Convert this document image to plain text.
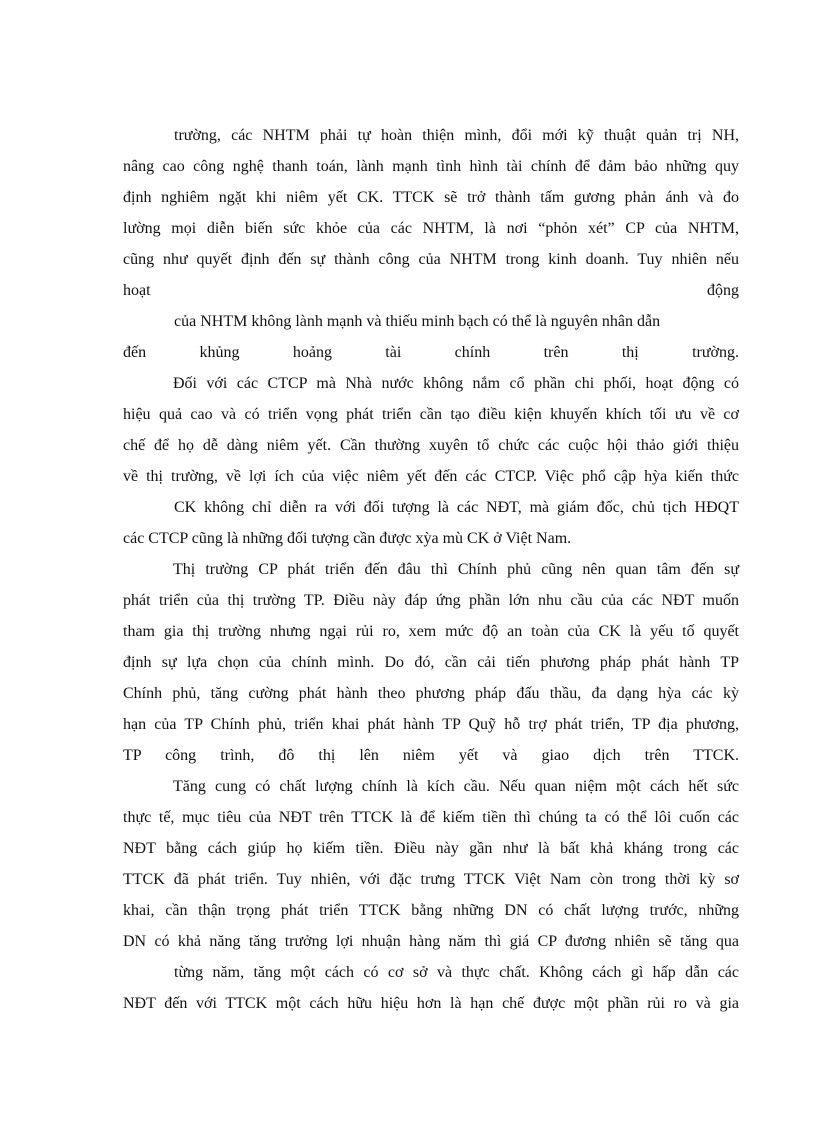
trường, các NHTM phải tự hoàn thiện mình, đổi mới kỹ thuật quản trị NH,
nâng cao công nghệ thanh toán, lành mạnh tình hình tài chính để đảm bảo những quy
định nghiêm ngặt khi niêm yết CK. TTCK sẽ trở thành tấm gương phản ánh và đo
lường mọi diễn biến sức khỏe của các NHTM, là nơi “phỏn xét” CP của NHTM,
cũng như quyết định đến sự thành công của NHTM trong kinh doanh. Tuy nhiên nếu
hoạt động
của NHTM không lành mạnh và thiếu minh bạch có thể là nguyên nhân dẫn
đến khủng hoảng tài chính trên thị trường.
Đối với các CTCP mà Nhà nước không nắm cổ phần chi phối, hoạt động có
hiệu quả cao và có triển vọng phát triển cần tạo điều kiện khuyến khích tối ưu về cơ
chế để họ dễ dàng niêm yết. Cần thường xuyên tổ chức các cuộc hội thảo giới thiệu
về thị trường, về lợi ích của việc niêm yết đến các CTCP. Việc phổ cập hỳa kiến thức
CK không chỉ diễn ra với đối tượng là các NĐT, mà giám đốc, chủ tịch HĐQT
các CTCP cũng là những đối tượng cần được xỳa mù CK ở Việt Nam.
Thị trường CP phát triển đến đâu thì Chính phủ cũng nên quan tâm đến sự
phát triển của thị trường TP. Điều này đáp ứng phần lớn nhu cầu của các NĐT muốn
tham gia thị trường nhưng ngại rủi ro, xem mức độ an toàn của CK là yếu tố quyết
định sự lựa chọn của chính mình. Do đó, cần cải tiến phương pháp phát hành TP
Chính phủ, tăng cường phát hành theo phương pháp đấu thầu, đa dạng hỳa các kỳ
hạn của TP Chính phủ, triển khai phát hành TP Quỹ hỗ trợ phát triển, TP địa phương,
TP công trình, đô thị lên niêm yết và giao dịch trên TTCK.
Tăng cung có chất lượng chính là kích cầu. Nếu quan niệm một cách hết sức
thực tế, mục tiêu của NĐT trên TTCK là để kiếm tiền thì chúng ta có thể lôi cuốn các
NĐT bằng cách giúp họ kiếm tiền. Điều này gần như là bất khả kháng trong các
TTCK đã phát triển. Tuy nhiên, với đặc trưng TTCK Việt Nam còn trong thời kỳ sơ
khai, cần thận trọng phát triển TTCK bằng những DN có chất lượng trước, những
DN có khả năng tăng trưởng lợi nhuận hàng năm thì giá CP đương nhiên sẽ tăng qua
từng năm, tăng một cách có cơ sở và thực chất. Không cách gì hấp dẫn các
NĐT đến với TTCK một cách hữu hiệu hơn là hạn chế được một phần rủi ro và gia
